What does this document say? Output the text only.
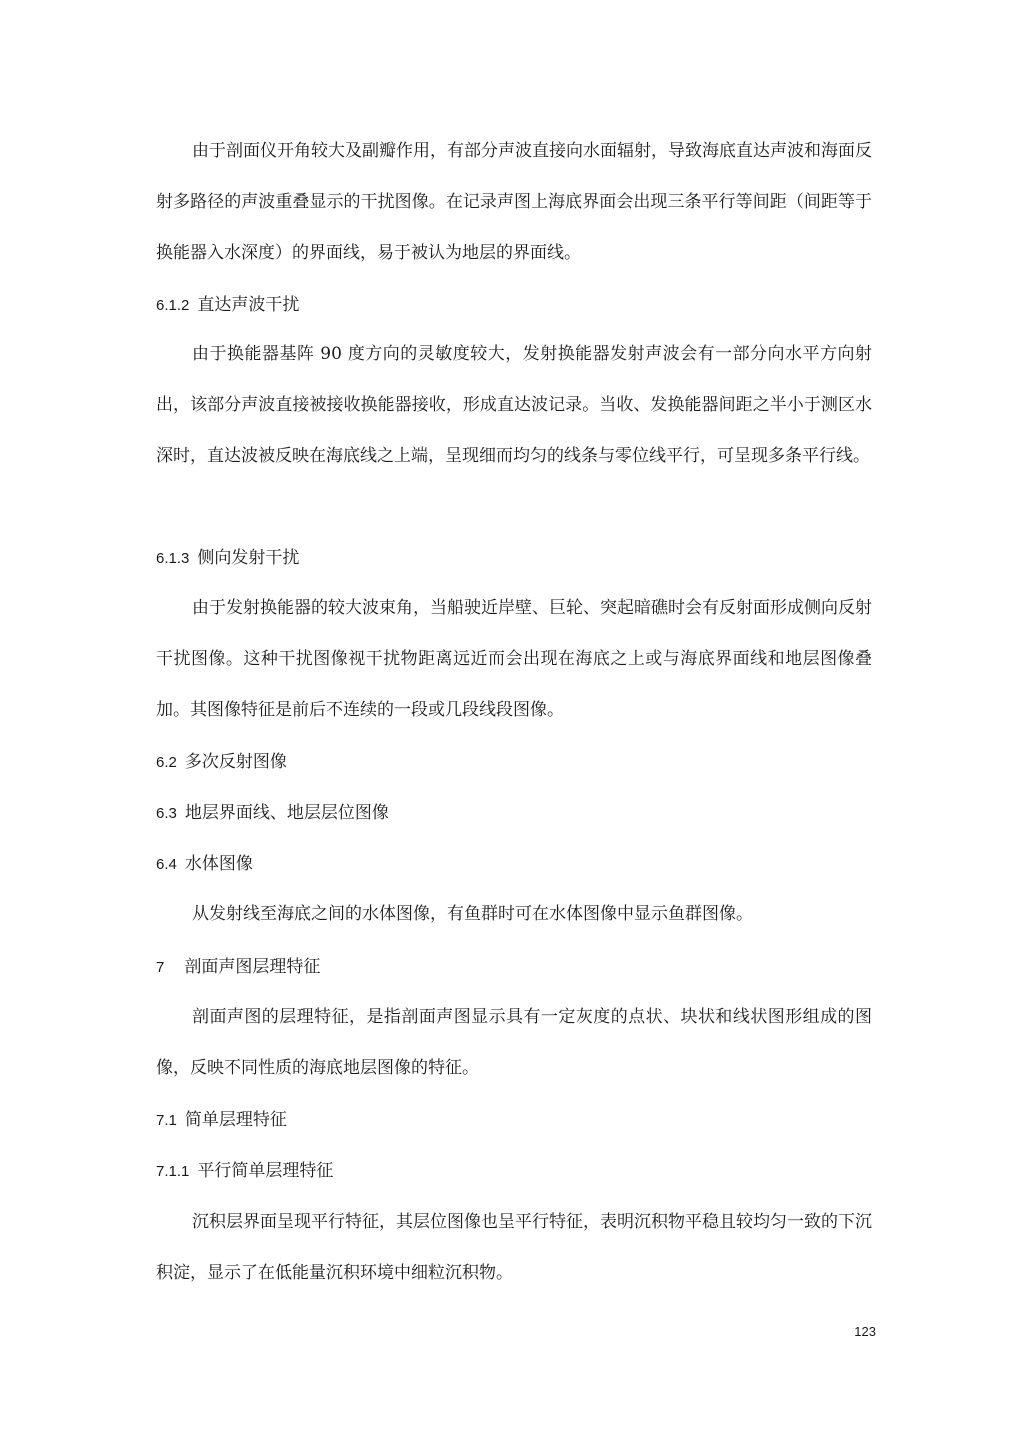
由于剖面仪开角较大及副瓣作用，有部分声波直接向水面辐射，导致海底直达声波和海面反射多路径的声波重叠显示的干扰图像。在记录声图上海底界面会出现三条平行等间距（间距等于换能器入水深度）的界面线，易于被认为地层的界面线。
6.1.2 直达声波干扰
由于换能器基阵 90 度方向的灵敏度较大，发射换能器发射声波会有一部分向水平方向射出，该部分声波直接被接收换能器接收，形成直达波记录。当收、发换能器间距之半小于测区水深时，直达波被反映在海底线之上端，呈现细而均匀的线条与零位线平行，可呈现多条平行线。
6.1.3 侧向发射干扰
由于发射换能器的较大波束角，当船驶近岸壁、巨轮、突起暗礁时会有反射面形成侧向反射干扰图像。这种干扰图像视干扰物距离远近而会出现在海底之上或与海底界面线和地层图像叠加。其图像特征是前后不连续的一段或几段线段图像。
6.2 多次反射图像
6.3 地层界面线、地层层位图像
6.4 水体图像
从发射线至海底之间的水体图像，有鱼群时可在水体图像中显示鱼群图像。
7 剖面声图层理特征
剖面声图的层理特征，是指剖面声图显示具有一定灰度的点状、块状和线状图形组成的图像，反映不同性质的海底地层图像的特征。
7.1 简单层理特征
7.1.1 平行简单层理特征
沉积层界面呈现平行特征，其层位图像也呈平行特征，表明沉积物平稳且较均匀一致的下沉积淀，显示了在低能量沉积环境中细粒沉积物。
123
